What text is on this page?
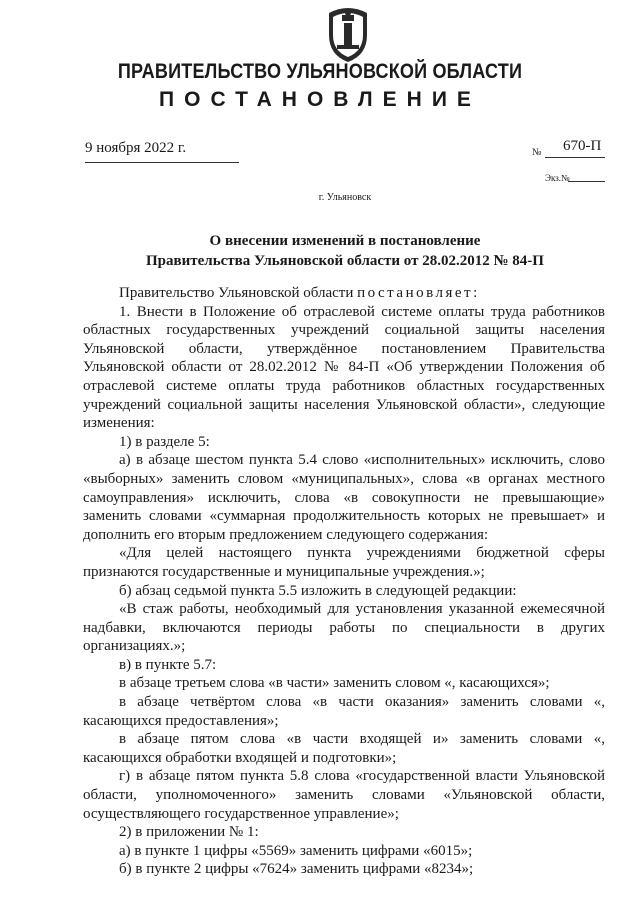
ПРАВИТЕЛЬСТВО УЛЬЯНОВСКОЙ ОБЛАСТИ
ПОСТАНОВЛЕНИЕ
9 ноября 2022 г.	№ 670-П
Экз.№
г. Ульяновск
О внесении изменений в постановление
Правительства Ульяновской области от 28.02.2012 № 84-П

Правительство Ульяновской области постановляет:

1. Внести в Положение об отраслевой системе оплаты труда работников областных государственных учреждений социальной защиты населения Ульяновской области, утверждённое постановлением Правительства Ульяновской области от 28.02.2012 № 84-П «Об утверждении Положения об отраслевой системе оплаты труда работников областных государственных учреждений социальной защиты населения Ульяновской области», следующие изменения:

1) в разделе 5:

а) в абзаце шестом пункта 5.4 слово «исполнительных» исключить, слово «выборных» заменить словом «муниципальных», слова «в органах местного самоуправления» исключить, слова «в совокупности не превышающие» заменить словами «суммарная продолжительность которых не превышает» и дополнить его вторым предложением следующего содержания:

«Для целей настоящего пункта учреждениями бюджетной сферы признаются государственные и муниципальные учреждения.»;

б) абзац седьмой пункта 5.5 изложить в следующей редакции:

«В стаж работы, необходимый для установления указанной ежемесячной надбавки, включаются периоды работы по специальности в других организациях.»;

в) в пункте 5.7:

в абзаце третьем слова «в части» заменить словом «, касающихся»;

в абзаце четвёртом слова «в части оказания» заменить словами «, касающихся предоставления»;

в абзаце пятом слова «в части входящей и» заменить словами «, касающихся обработки входящей и подготовки»;

г) в абзаце пятом пункта 5.8 слова «государственной власти Ульяновской области, уполномоченного» заменить словами «Ульяновской области, осуществляющего государственное управление»;

2) в приложении № 1:

а) в пункте 1 цифры «5569» заменить цифрами «6015»;

б) в пункте 2 цифры «7624» заменить цифрами «8234»;
